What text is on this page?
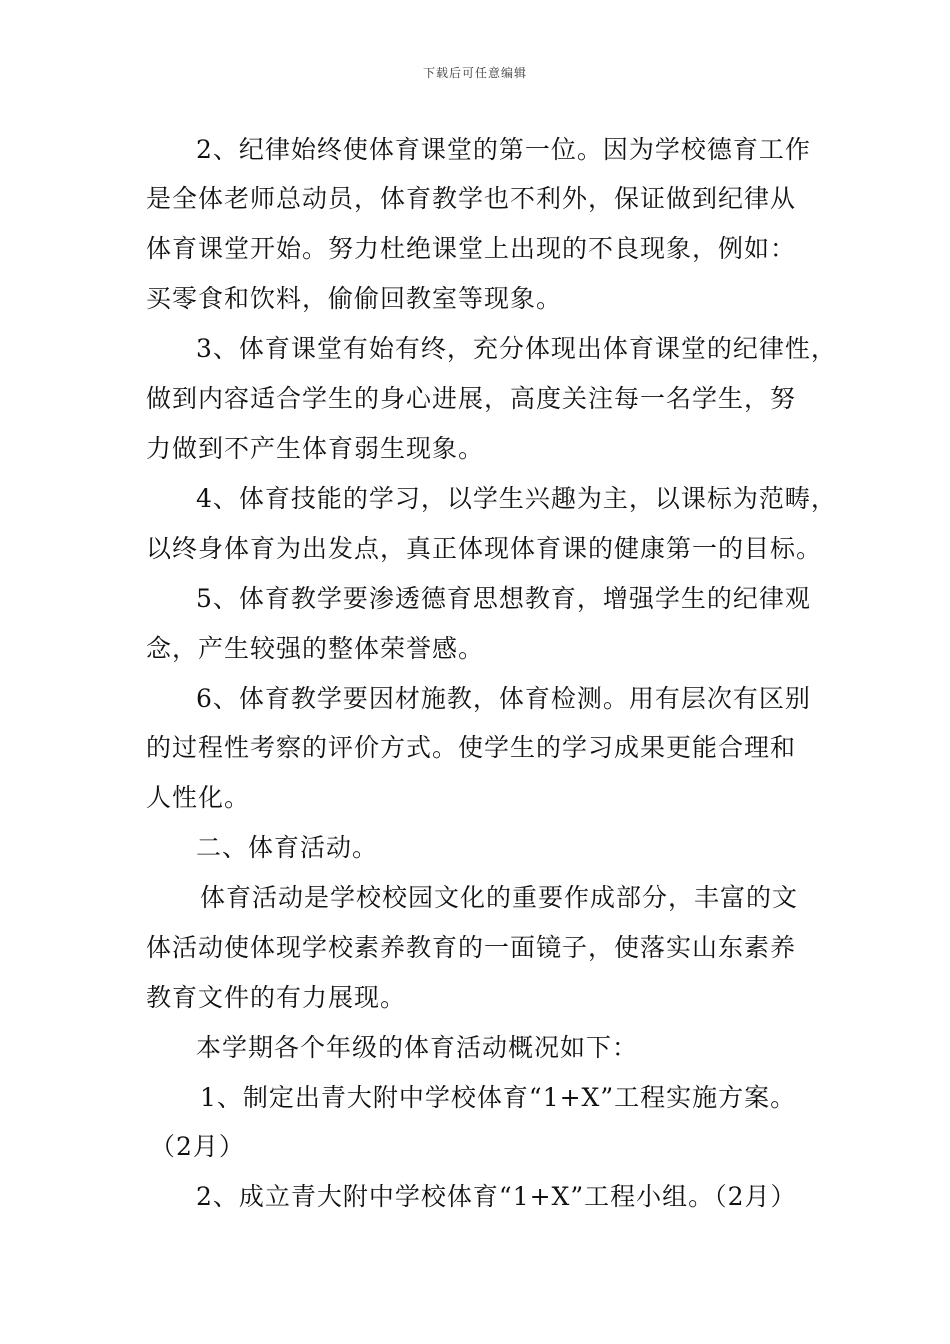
下载后可任意编辑
2、纪律始终使体育课堂的第一位。因为学校德育工作
是全体老师总动员，体育教学也不利外，保证做到纪律从
体育课堂开始。努力杜绝课堂上出现的不良现象，例如：
买零食和饮料，偷偷回教室等现象。
3、体育课堂有始有终，充分体现出体育课堂的纪律性，
做到内容适合学生的身心进展，高度关注每一名学生，努
力做到不产生体育弱生现象。
4、体育技能的学习，以学生兴趣为主，以课标为范畴，
以终身体育为出发点，真正体现体育课的健康第一的目标。
5、体育教学要渗透德育思想教育，增强学生的纪律观
念，产生较强的整体荣誉感。
6、体育教学要因材施教，体育检测。用有层次有区别
的过程性考察的评价方式。使学生的学习成果更能合理和
人性化。
二、体育活动。
体育活动是学校校园文化的重要作成部分，丰富的文
体活动使体现学校素养教育的一面镜子，使落实山东素养
教育文件的有力展现。
本学期各个年级的体育活动概况如下：
1、制定出青大附中学校体育“1+X”工程实施方案。
（2月）
2、成立青大附中学校体育“1+X”工程小组。（2月）
